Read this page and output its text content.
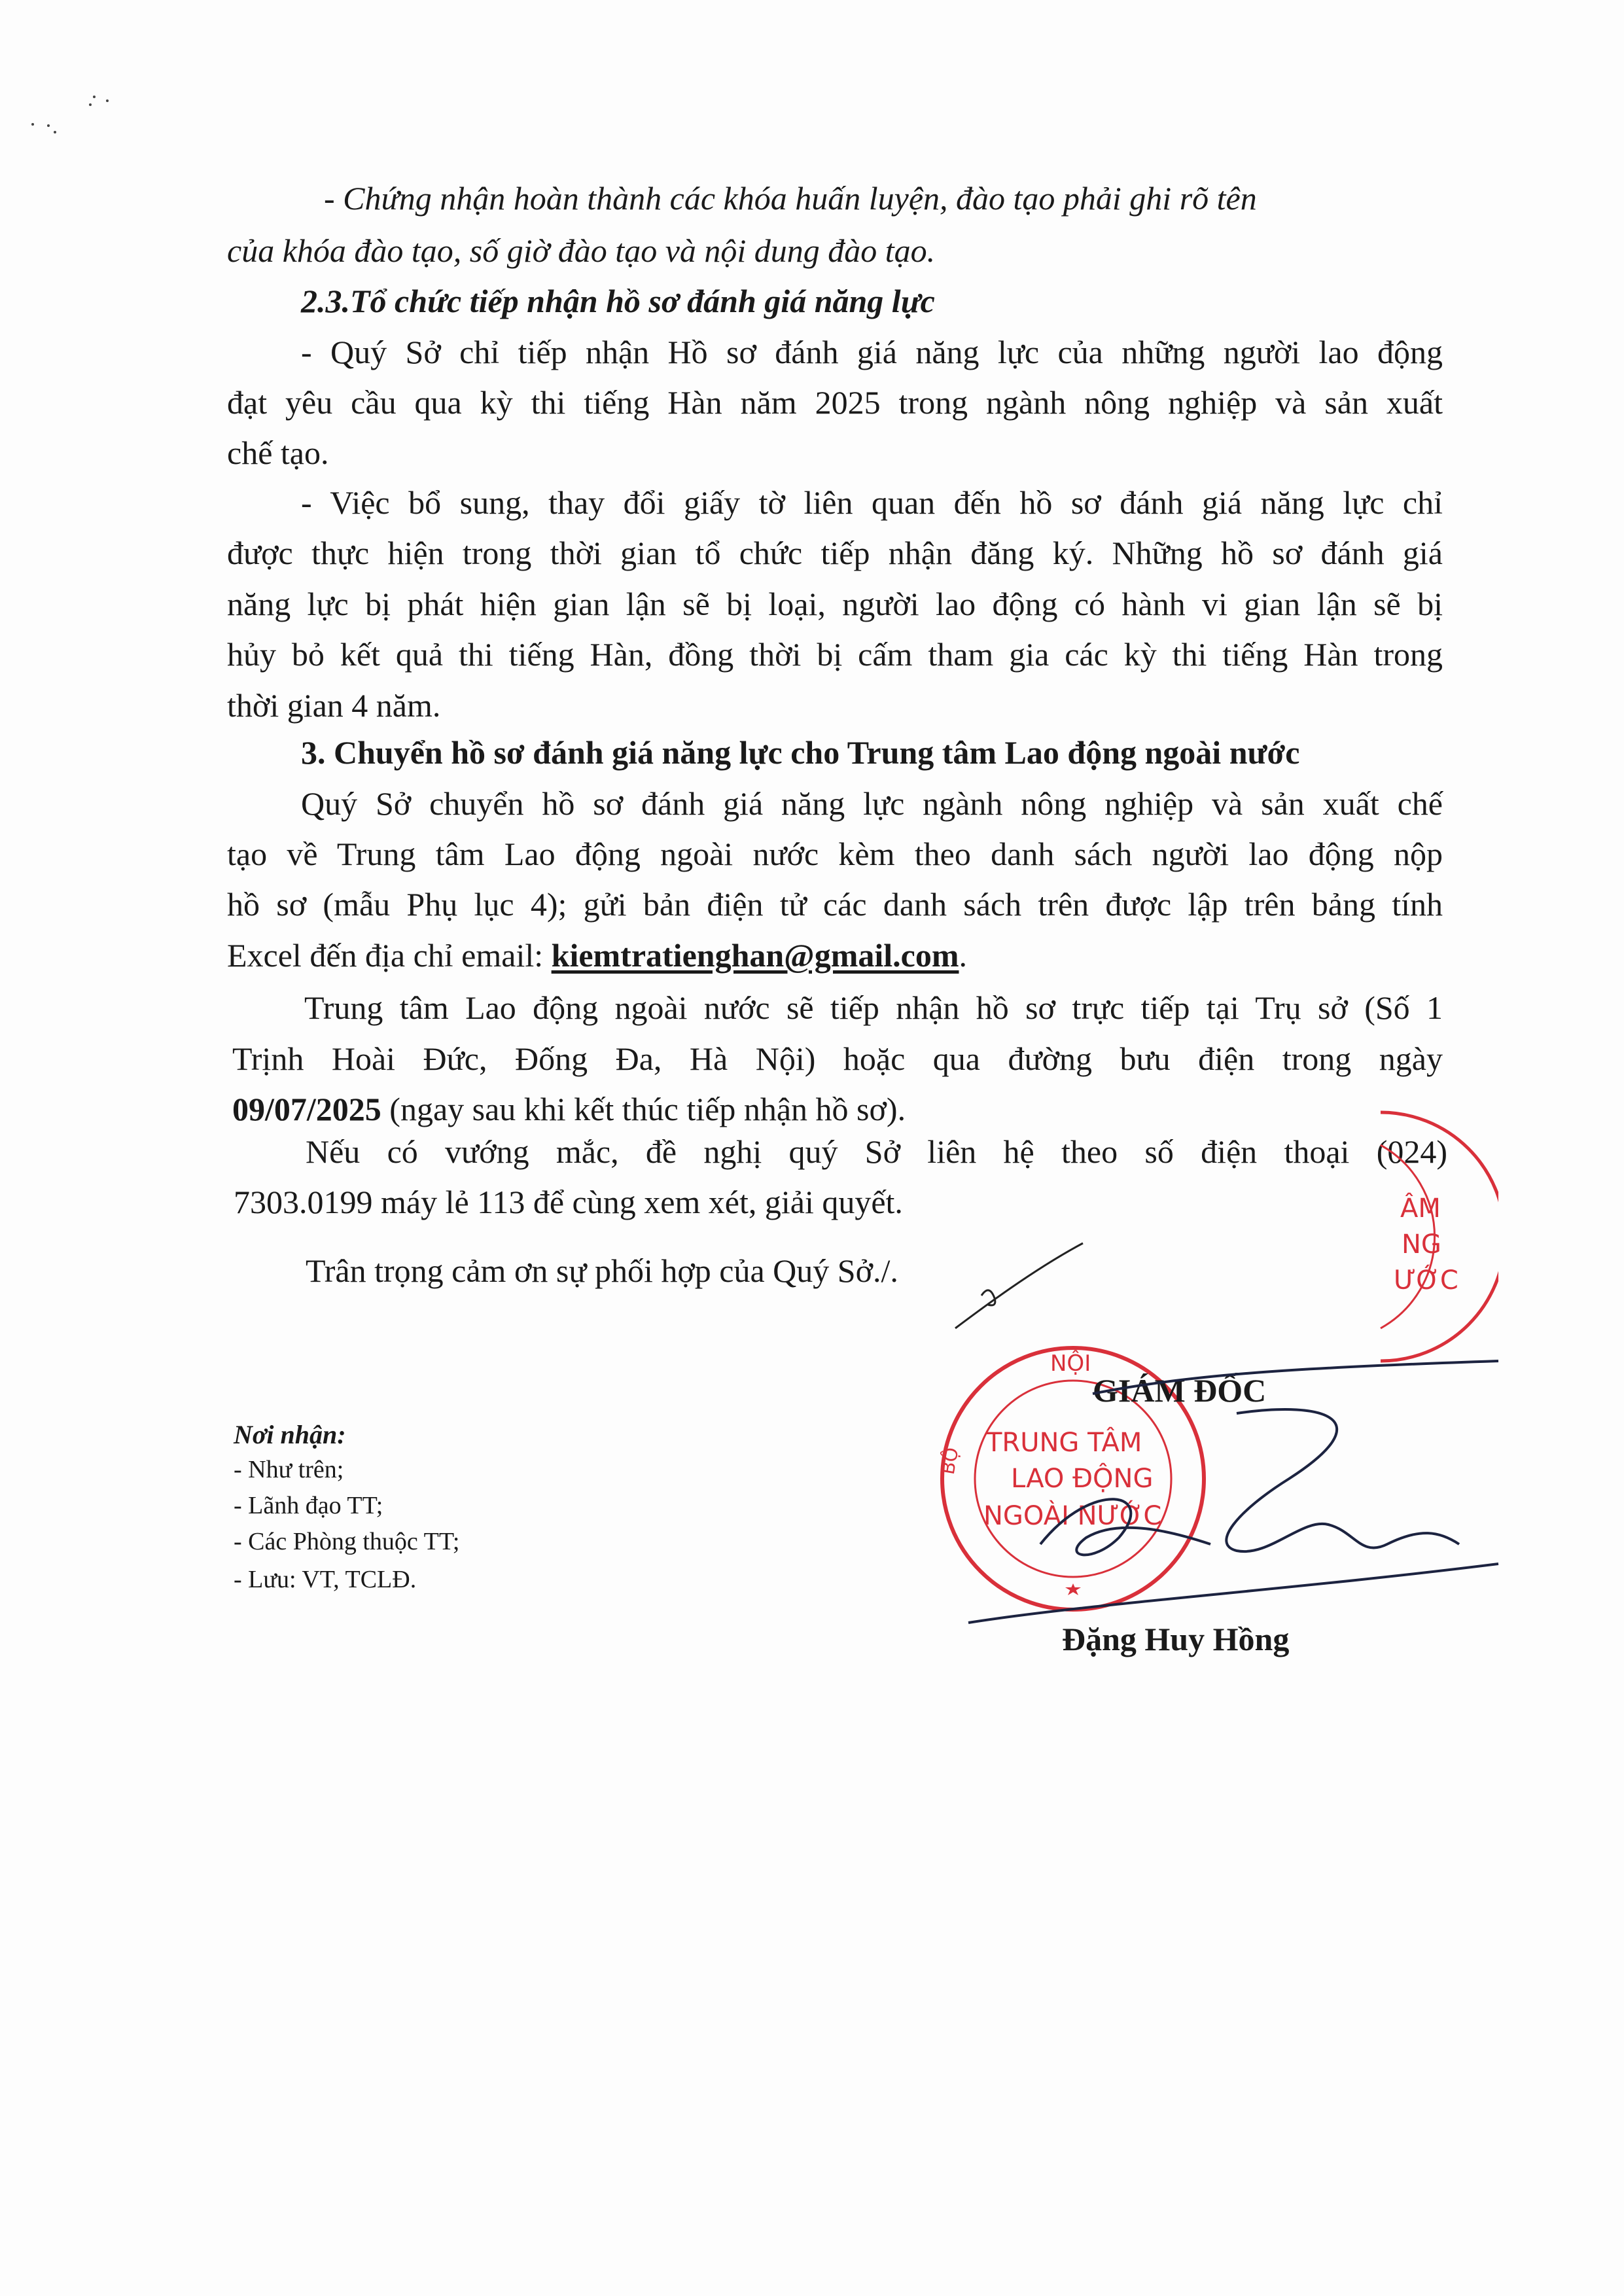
- Chứng nhận hoàn thành các khóa huấn luyện, đào tạo phải ghi rõ tên
của khóa đào tạo, số giờ đào tạo và nội dung đào tạo.
2.3.Tổ chức tiếp nhận hồ sơ đánh giá năng lực
- Quý Sở chỉ tiếp nhận Hồ sơ đánh giá năng lực của những người lao động
đạt yêu cầu qua kỳ thi tiếng Hàn năm 2025 trong ngành nông nghiệp và sản xuất
chế tạo.
- Việc bổ sung, thay đổi giấy tờ liên quan đến hồ sơ đánh giá năng lực chỉ
được thực hiện trong thời gian tổ chức tiếp nhận đăng ký. Những hồ sơ đánh giá
năng lực bị phát hiện gian lận sẽ bị loại, người lao động có hành vi gian lận sẽ bị
hủy bỏ kết quả thi tiếng Hàn, đồng thời bị cấm tham gia các kỳ thi tiếng Hàn trong
thời gian 4 năm.
3. Chuyển hồ sơ đánh giá năng lực cho Trung tâm Lao động ngoài nước
Quý Sở chuyển hồ sơ đánh giá năng lực ngành nông nghiệp và sản xuất chế
tạo về Trung tâm Lao động ngoài nước kèm theo danh sách người lao động nộp
hồ sơ (mẫu Phụ lục 4); gửi bản điện tử các danh sách trên được lập trên bảng tính
Excel đến địa chỉ email: kiemtratienghan@gmail.com.
Trung tâm Lao động ngoài nước sẽ tiếp nhận hồ sơ trực tiếp tại Trụ sở (Số 1
Trịnh Hoài Đức, Đống Đa, Hà Nội) hoặc qua đường bưu điện trong ngày
09/07/2025 (ngay sau khi kết thúc tiếp nhận hồ sơ).
Nếu có vướng mắc, đề nghị quý Sở liên hệ theo số điện thoại (024)
7303.0199 máy lẻ 113 để cùng xem xét, giải quyết.
Trân trọng cảm ơn sự phối hợp của Quý Sở./.
Nơi nhận:
- Như trên;
- Lãnh đạo TT;
- Các Phòng thuộc TT;
- Lưu: VT, TCLĐ.
ÂM
NG
ƯỚC
NỘI
BỘ
TRUNG TÂM
LAO ĐỘNG
NGOÀI NƯỚC
GIÁM ĐỐC
Đặng Huy Hồng
